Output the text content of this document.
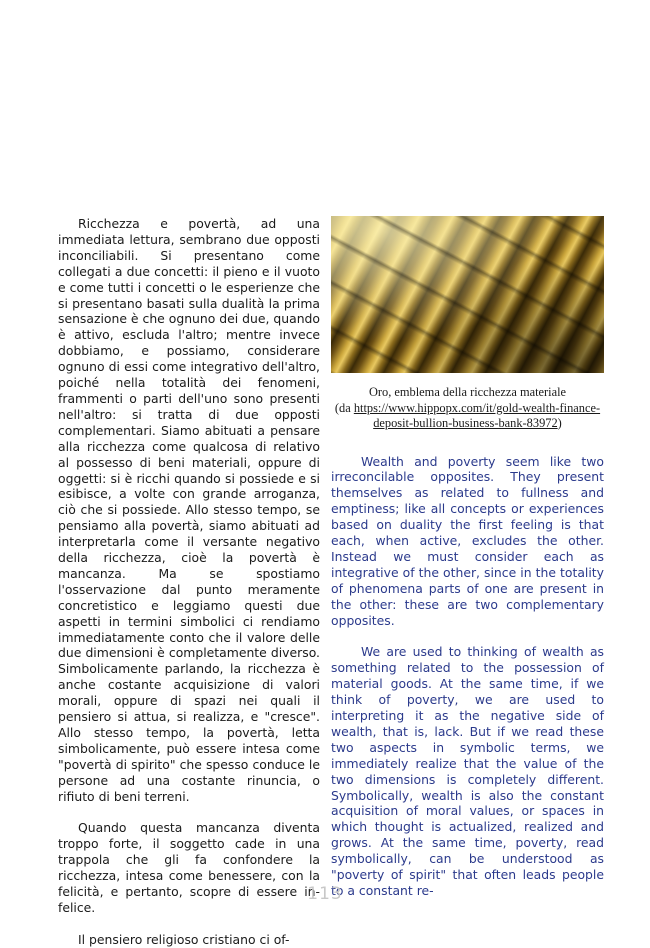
Ricchezza e povertà, ad una immediata lettura, sembrano due opposti inconciliabili. Si presentano come collegati a due concetti: il pieno e il vuoto e come tutti i concetti o le esperienze che si presentano basati sulla dualità la prima sensazione è che ognuno dei due, quando è attivo, escluda l'altro; mentre invece dobbiamo, e possiamo, considerare ognuno di essi come integrativo dell'altro, poiché nella totalità dei fenomeni, frammenti o parti dell'uno sono presenti nell'altro: si tratta di due opposti complementari. Siamo abituati a pensare alla ricchezza come qualcosa di relativo al possesso di beni materiali, oppure di oggetti: si è ricchi quando si possiede e si esibisce, a volte con grande arroganza, ciò che si possiede. Allo stesso tempo, se pensiamo alla povertà, siamo abituati ad interpretarla come il versante negativo della ricchezza, cioè la povertà è mancanza. Ma se spostiamo l'osservazione dal punto meramente concretistico e leggiamo questi due aspetti in termini simbolici ci rendiamo immediatamente conto che il valore delle due dimensioni è completamente diverso. Simbolicamente parlando, la ricchezza è anche costante acquisizione di valori morali, oppure di spazi nei quali il pensiero si attua, si realizza, e "cresce". Allo stesso tempo, la povertà, letta simbolicamente, può essere intesa come "povertà di spirito" che spesso conduce le persone ad una costante rinuncia, o rifiuto di beni terreni.

Quando questa mancanza diventa troppo forte, il soggetto cade in una trappola che gli fa confondere la ricchezza, intesa come benessere, con la felicità, e pertanto, scopre di essere in-felice.

Il pensiero religioso cristiano ci of-

Oro, emblema della ricchezza materiale
(da https://www.hippopx.com/it/gold-wealth-finance-deposit-bullion-business-bank-83972)

Wealth and poverty seem like two irreconcilable opposites. They present themselves as related to fullness and emptiness; like all concepts or experiences based on duality the first feeling is that each, when active, excludes the other. Instead we must consider each as integrative of the other, since in the totality of phenomena parts of one are present in the other: these are two complementary opposites.

We are used to thinking of wealth as something related to the possession of material goods. At the same time, if we think of poverty, we are used to interpreting it as the negative side of wealth, that is, lack. But if we read these two aspects in symbolic terms, we immediately realize that the value of the two dimensions is completely different. Symbolically, wealth is also the constant acquisition of moral values, or spaces in which thought is actualized, realized and grows. At the same time, poverty, read symbolically, can be understood as "poverty of spirit" that often leads people to a constant re-

113
